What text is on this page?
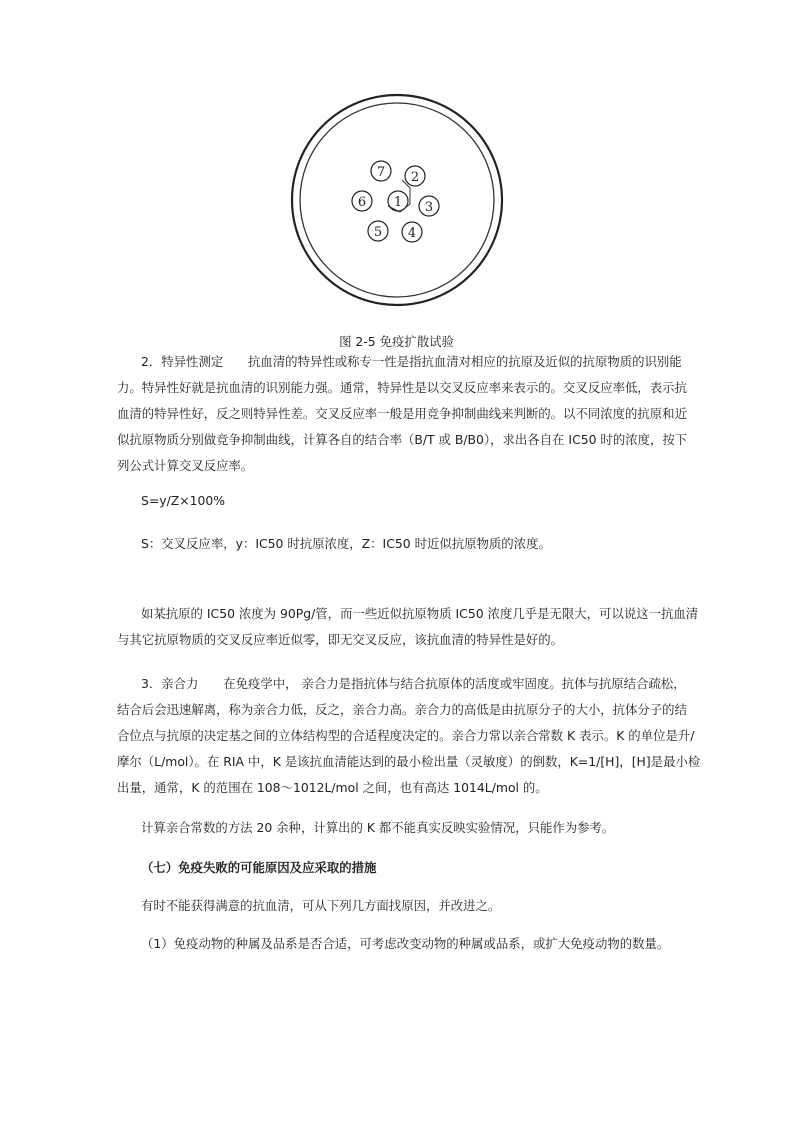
1
2
3
4
5
6
7
图 2-5 免疫扩散试验
2．特异性测定　　抗血清的特异性或称专一性是指抗血清对相应的抗原及近似的抗原物质的识别能
力。特异性好就是抗血清的识别能力强。通常，特异性是以交叉反应率来表示的。交叉反应率低，表示抗
血清的特异性好，反之则特异性差。交叉反应率一般是用竞争抑制曲线来判断的。以不同浓度的抗原和近
似抗原物质分别做竞争抑制曲线，计算各自的结合率（B/T 或 B/B0），求出各自在 IC50 时的浓度，按下
列公式计算交叉反应率。
S=y/Z×100%
S：交叉反应率，y：IC50 时抗原浓度，Z：IC50 时近似抗原物质的浓度。
如某抗原的 IC50 浓度为 90Pg/管，而一些近似抗原物质 IC50 浓度几乎是无限大，可以说这一抗血清
与其它抗原物质的交叉反应率近似零，即无交叉反应，该抗血清的特异性是好的。
3．亲合力　　在免疫学中， 亲合力是指抗体与结合抗原体的活度或牢固度。抗体与抗原结合疏松，
结合后会迅速解离，称为亲合力低，反之，亲合力高。亲合力的高低是由抗原分子的大小，抗体分子的结
合位点与抗原的决定基之间的立体结构型的合适程度决定的。亲合力常以亲合常数 K 表示。K 的单位是升/
摩尔（L/mol）。在 RIA 中，K 是该抗血清能达到的最小检出量（灵敏度）的倒数，K=1/[H]，[H]是最小检
出量，通常，K 的范围在 108～1012L/mol 之间，也有高达 1014L/mol 的。
计算亲合常数的方法 20 余种，计算出的 K 都不能真实反映实验情况，只能作为参考。
（七）免疫失败的可能原因及应采取的措施
有时不能获得满意的抗血清，可从下列几方面找原因，并改进之。
（1）免疫动物的种属及品系是否合适，可考虑改变动物的种属或品系，或扩大免疫动物的数量。
